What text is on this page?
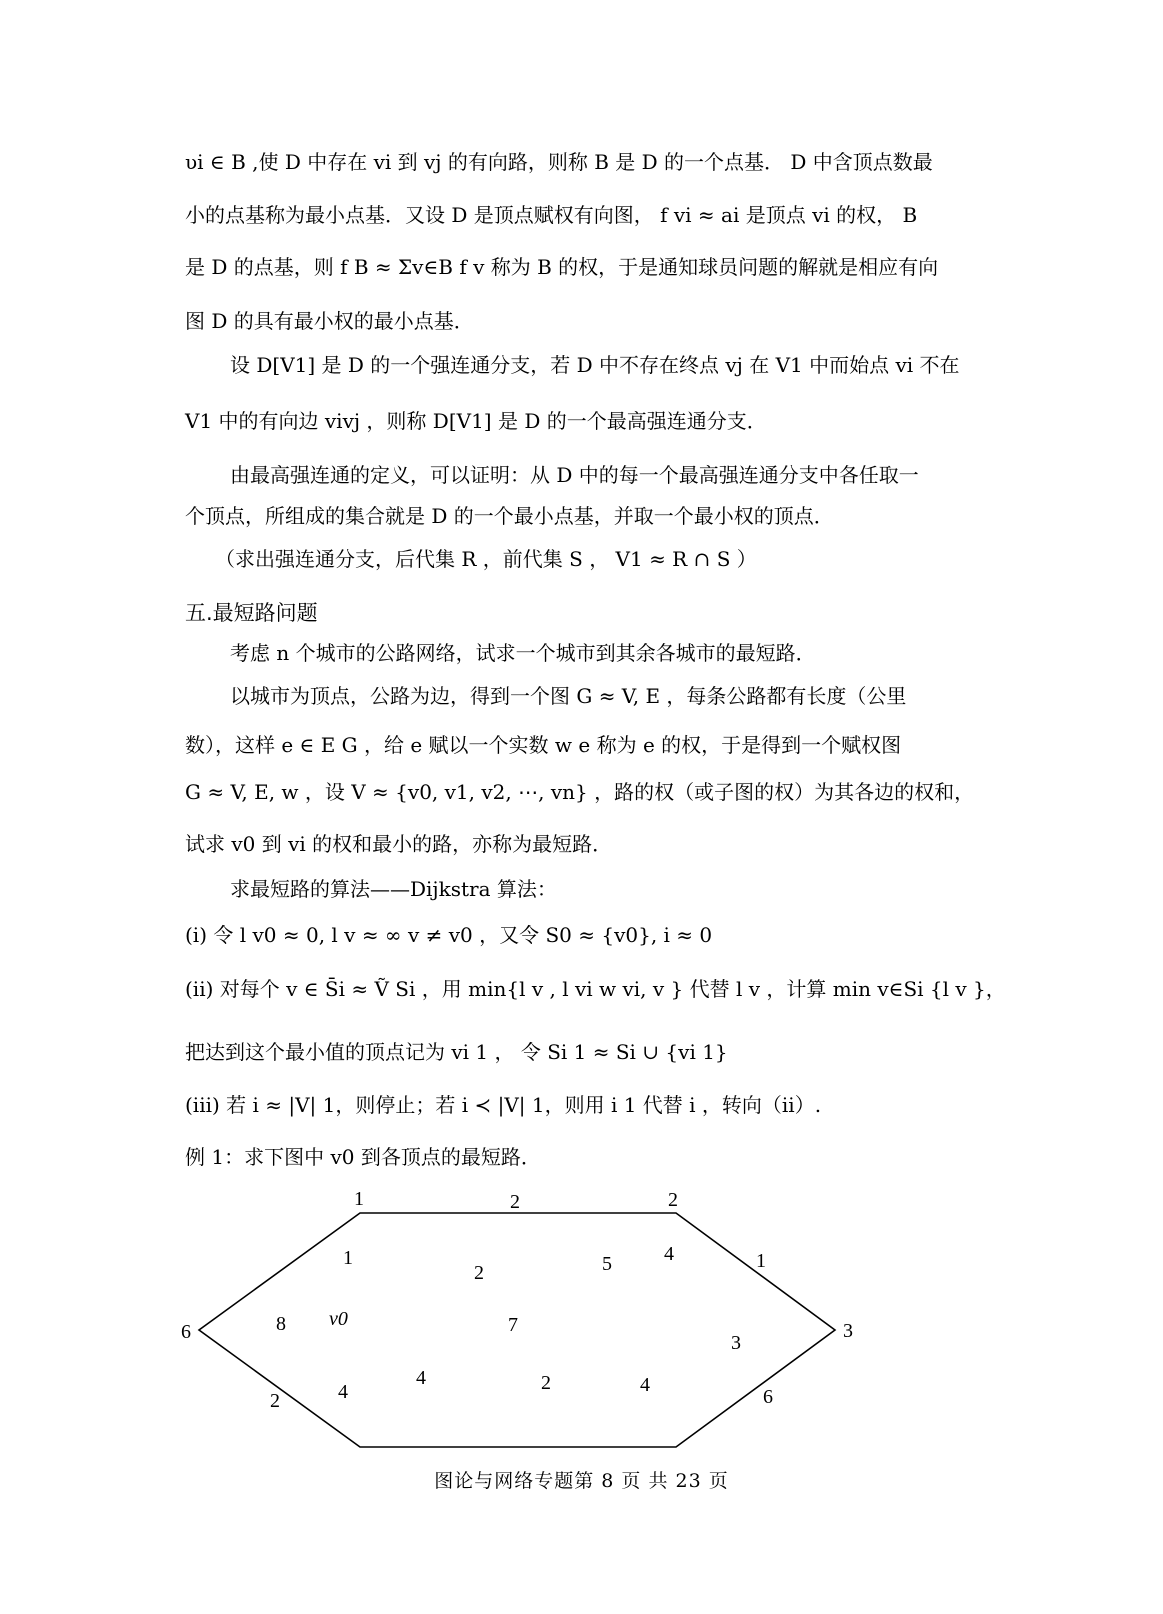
υi ∈ B ,使 D 中存在 vi 到 vj 的有向路，则称 B 是 D 的一个点基． D 中含顶点数最
小的点基称为最小点基．又设 D 是顶点赋权有向图， f vi ≈ ai 是顶点 vi 的权， B
是 D 的点基，则 f B ≈ Σv∈B f v 称为 B 的权，于是通知球员问题的解就是相应有向
图 D 的具有最小权的最小点基．
设 D[V1] 是 D 的一个强连通分支，若 D 中不存在终点 vj 在 V1 中而始点 vi 不在
V1 中的有向边 vivj ，则称 D[V1] 是 D 的一个最高强连通分支．
由最高强连通的定义，可以证明：从 D 中的每一个最高强连通分支中各任取一
个顶点，所组成的集合就是 D 的一个最小点基，并取一个最小权的顶点．
（求出强连通分支，后代集 R ，前代集 S ， V1 ≈ R ∩ S ）
五.最短路问题
考虑 n 个城市的公路网络，试求一个城市到其余各城市的最短路．
以城市为顶点，公路为边，得到一个图 G ≈ V, E ，每条公路都有长度（公里
数），这样 e ∈ E G ，给 e 赋以一个实数 w e 称为 e 的权，于是得到一个赋权图
G ≈ V, E, w ，设 V ≈ {v0, v1, v2, ⋯, vn} ，路的权（或子图的权）为其各边的权和，
试求 v0 到 vi 的权和最小的路，亦称为最短路．
求最短路的算法——Dijkstra 算法：
(i) 令 l v0 ≈ 0, l v ≈ ∞ v ≠ v0 ，又令 S0 ≈ {v0}, i ≈ 0
(ii) 对每个 v ∈ S̄i ≈ Ṽ Si ，用 min{l v , l vi w vi, v } 代替 l v ，计算 min v∈Si {l v }，
把达到这个最小值的顶点记为 vi 1 ， 令 Si 1 ≈ Si ∪ {vi 1}
(iii) 若 i ≈ |V| 1，则停止；若 i ≺ |V| 1，则用 i 1 代替 i ，转向（ii）.
例 1：求下图中 v0 到各顶点的最短路．
1	2
3
6
v0
2
1
6
2
8
1
2	5	4
7
3
4
4	2	4
图论与网络专题第 8 页 共 23 页
